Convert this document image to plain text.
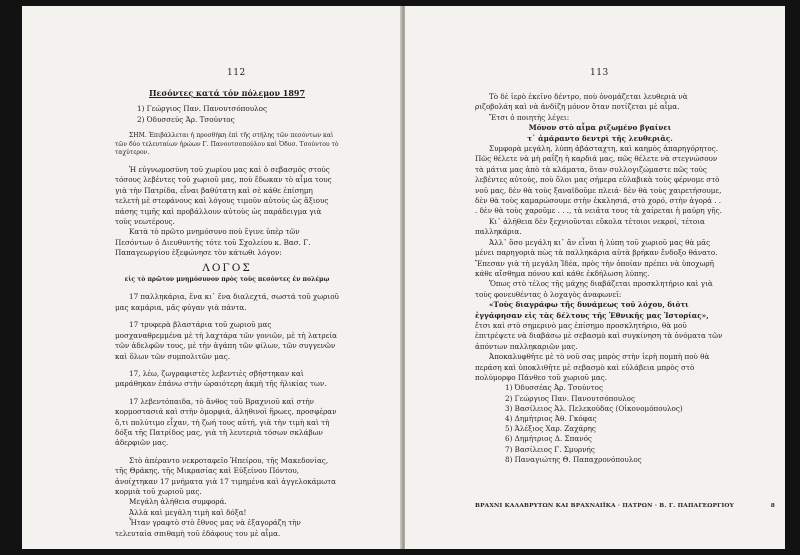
112

Πεσόντες κατά τόν πόλεμον 1897

1) Γεώργιος Παν. Πανουτσόπουλος

2) Όδυσσεύς Άρ. Τσούντος

ΣΗΜ. Ἐπιβάλλεται ἡ προσθήκη ἐπὶ τῆς στήλης τῶν πεσόντων καὶ τῶν δύο τελευταίων ἡρώων Γ. Πανουτσοπούλου καὶ Ὀδυσ. Τσούντου τὸ ταχύτερον.

Ἡ εὐγνωμοσύνη τοῦ χωρίου μας καὶ ὁ σεβασμός στούς τόσους λεβέντες τοῦ χωριοῦ μας, ποὺ ἔδωκαν τὸ αἷμα τους γιὰ τὴν Πατρίδα, εἶναι βαθύτατη καὶ σὲ κάθε ἐπίσημη τελετὴ μὲ στεφάνους καὶ λόγους τιμοῦν αὐτοὺς ὡς ἄξιους πάσης τιμῆς καὶ προβάλλουν αὐτοὺς ὡς παράδειγμα γιὰ τοὺς νεωτέρους.

Κατὰ τὸ πρῶτο μνημόσυνο ποὺ ἔγινε ὑπὲρ τῶν Πεσόντων ὁ Διευθυντὴς τότε τοῦ Σχολείου κ. Βασ. Γ. Παπαγεωργίου ἐξεφώνησε τὸν κάτωθι λόγον:

ΛΟΓΟΣ

εἰς τὸ πρῶτον μνημόσυνον πρὸς τοὺς πεσόντες ἐν πολέμῳ

17 παλληκάρια, ἕνα κι᾿ ἕνα διαλεχτά, σωστά τοῦ χωριοῦ μας καμάρια, μᾶς φύγαν γιὰ πάντα.

17 τρυφερὰ βλαστάρια τοῦ χωριοῦ μας μοσχαναθρεμμένα μὲ τὴ λαχτάρα τῶν γονιῶν, μὲ τὴ λατρεία τῶν ἀδελφῶν τους, μὲ τὴν ἀγάπη τῶν φίλων, τῶν συγγενῶν καὶ ὅλων τῶν συμπολιτῶν μας.

17, λέω, ζωγραφιστὲς λεβεντιὲς σβήστηκαν καὶ μαράθηκαν ἐπάνω στὴν ὡραιότερη ἀκμὴ τῆς ἡλικίας των.

17 λεβεντόπαιδα, τὸ ἄνθος τοῦ Βραχνιοῦ καὶ στὴν κορμοστασιά καὶ στὴν ὀμορφιά, ἀληθινοὶ ἥρωες, προσφέραν ὅ,τι πολύτιμο εἶχαν, τὴ ζωή τους αὐτή, γιὰ τὴν τιμὴ καὶ τὴ δόξα τῆς Πατρίδος μας, γιὰ τὴ λευτεριὰ τόσων σκλάβων ἀδερφιῶν μας.

Στὸ ἀπέραντο νεκροταφεῖο Ἠπείρου, τῆς Μακεδονίας, τῆς Θράκης, τῆς Μικρασίας καὶ Εὐξείνου Πόντου, ἀνοίχτηκαν 17 μνήματα γιὰ 17 τιμημένα καὶ ἀγγελοκάμωτα κορμιὰ τοῦ χωριοῦ μας.

Μεγάλη ἀλήθεια συμφορά.

Ἀλλὰ καὶ μεγάλη τιμὴ καὶ δόξα!

Ἦταν γραφτὸ στὸ ἔθνος μας νὰ ἐξαγοράζη τὴν τελευταία σπιθαμὴ τοῦ ἐδάφους του μὲ αἷμα.

113

Τὸ δὲ ἱερὸ ἐκεῖνο δέντρο, ποὺ ὀνομάζεται λευθεριὰ νὰ ριζοβολάη καὶ νὰ ἀνδίζη μόνον ὅταν ποτίζεται μὲ αἷμα.

Ἔτσι ὁ ποιητὴς λέγει:

Μόνον στὸ αἷμα ριζωμένο βγαίνει

τ᾿ ἀμάραντο δεντρὶ τῆς λευθεριᾶς.

Συμφορὰ μεγάλη, λύπη ἀβάσταχτη, καὶ καημὸς ἀπαρηγόρητος. Πῶς θέλετε νὰ μὴ ραΐζη ἡ καρδιά μας, πῶς θέλετε νὰ στεγνώσουν τὰ μάτια μας ἀπὸ τὰ κλάματα, ὅταν συλλογιζώμαστε πῶς τοὺς λεβέντες αὐτούς, ποὺ ὅλοι μας σήμερα εὐλαβικὰ τοὺς φέρνομε στὸ νοῦ μας, δὲν θὰ τοὺς ξαναϊδοῦμε πλειά· δὲν θὰ τοὺς χαιρετήσουμε, δὲν θὰ τοὺς καμαρώσουμε στὴν ἐκκλησιά, στὸ χορό, στὴν ἀγορά . . . δὲν θὰ τοὺς χαροῦμε . . ., τὰ νειᾶτα τους τὰ χαίρεται ἡ μαύρη γῆς.

Κι᾿ ἀλήθεια δὲν ξεχνιοῦνται εὔκολα τέτοιοι νεκροί, τέτοια παλληκάρια.

Ἀλλ᾿ ὅσο μεγάλη κι᾿ ἂν εἶναι ἡ λύπη τοῦ χωριοῦ μας θὰ μᾶς μένει παρηγοριὰ πὼς τὰ παλληκάρια αὐτὰ βρήκαν ἔνδοξο θάνατο. Ἔπεσαν γιὰ τὴ μεγάλη Ἰδέα, πρὸς τὴν ὁποίαν πρέπει νὰ ὑποχωρῆ κάθε αἴσθημα πόνου καὶ κάθε ἐκδήλωση λύπης.

Ὅπως στὸ τέλος τῆς μάχης διαβάζεται προσκλητήριο καὶ γιὰ τοὺς φονευθέντας ὁ λοχαγὸς ἀναφωνεῖ:

«Τοὺς διαγράφω τῆς δυνάμεως τοῦ λόχου, διότι ἐγγάφησαν εἰς τὰς δέλτους τῆς Ἐθνικῆς μας Ἱστορίας», ἔτσι καὶ στὸ σημερινὸ μας ἐπίσημο προσκλητήριο, θὰ μοῦ ἐπιτρέψετε νὰ διαβάσω μὲ σεβασμὸ καὶ συγκίνηση τὰ ὀνόματα τῶν ἀπόντων παλληκαριῶν μας.

Ἀποκαλυφθῆτε μὲ τὸ νοῦ σας μπρὸς στὴν ἱερὴ πομπὴ ποὺ θὰ περάση καὶ ὑποκλιθῆτε μὲ σεβασμὸ καὶ εὐλάβεια μπρὸς στὸ πολύμορφο Πάνθεο τοῦ χωριοῦ μας.

1) Ὀδυσσέας Ἀρ. Τσούντος

2) Γεώργιος Παν. Πανουτσόπουλος

3) Βασίλειος Ἀλ. Πελεκούδας (Οἰκονομόπουλος)

4) Δημήτριος Ἀθ. Γκόφας

5) Ἀλέξιος Χαρ. Ζαχάρης

6) Δημήτριος Δ. Σπανός

7) Βασίλειος Γ. Σμυρνής

8) Παναγιώτης Θ. Παπαχρονόπουλος

ΒΡΑΧΝΙ ΚΑΛΑΒΡΥΤΩΝ ΚΑΙ ΒΡΑΧΝΑΙΪΚΑ · ΠΑΤΡΩΝ · Β. Γ. ΠΑΠΑΓΕΩΡΓΙΟΥ	8
